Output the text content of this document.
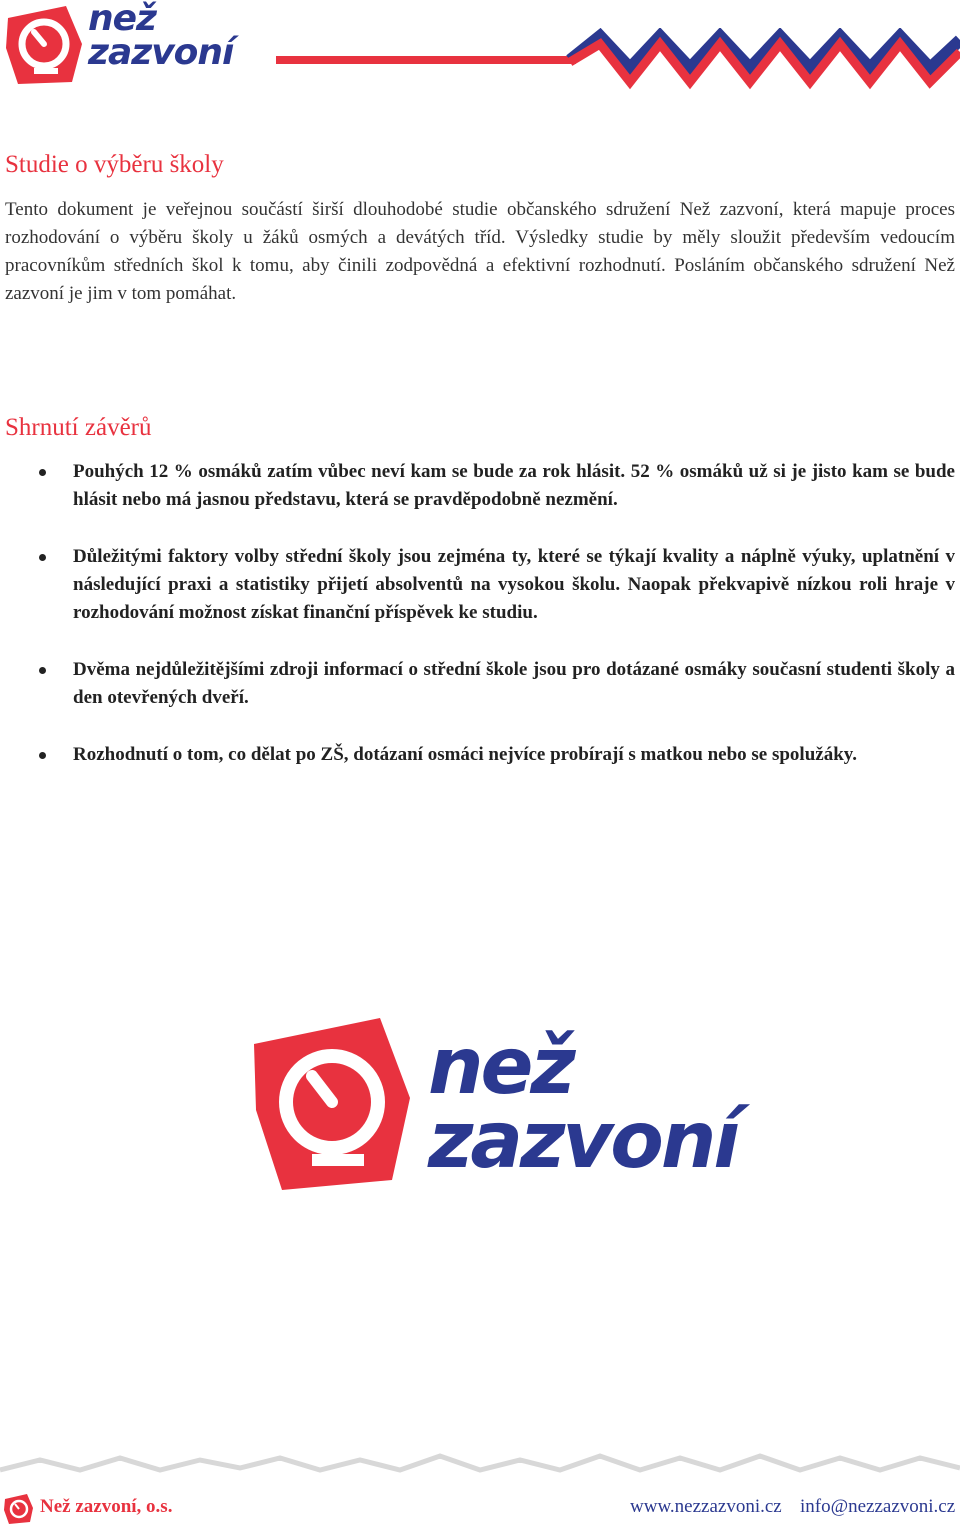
než
zazvoní
Studie o výběru školy

Tento dokument je veřejnou součástí širší dlouhodobé studie občanského sdružení Než zazvoní, která mapuje proces rozhodování o výběru školy u žáků osmých a devátých tříd. Výsledky studie by měly sloužit především vedoucím pracovníkům středních škol k tomu, aby činili zodpovědná a efektivní rozhodnutí. Posláním občanského sdružení Než zazvoní je jim v tom pomáhat.

Shrnutí závěrů
Pouhých 12 % osmáků zatím vůbec neví kam se bude za rok hlásit. 52 % osmáků už si je jisto kam se bude hlásit nebo má jasnou představu, která se pravděpodobně nezmění.
Důležitými faktory volby střední školy jsou zejména ty, které se týkají kvality a náplně výuky, uplatnění v následující praxi a statistiky přijetí absolventů na vysokou školu. Naopak překvapivě nízkou roli hraje v rozhodování možnost získat finanční příspěvek ke studiu.
Dvěma nejdůležitějšími zdroji informací o střední škole jsou pro dotázané osmáky současní studenti školy a den otevřených dveří.
Rozhodnutí o tom, co dělat po ZŠ, dotázaní osmáci nejvíce probírají s matkou nebo se spolužáky.
než
zazvoní
Než zazvoní, o.s.	www.nezzazvoni.cz info@nezzazvoni.cz
